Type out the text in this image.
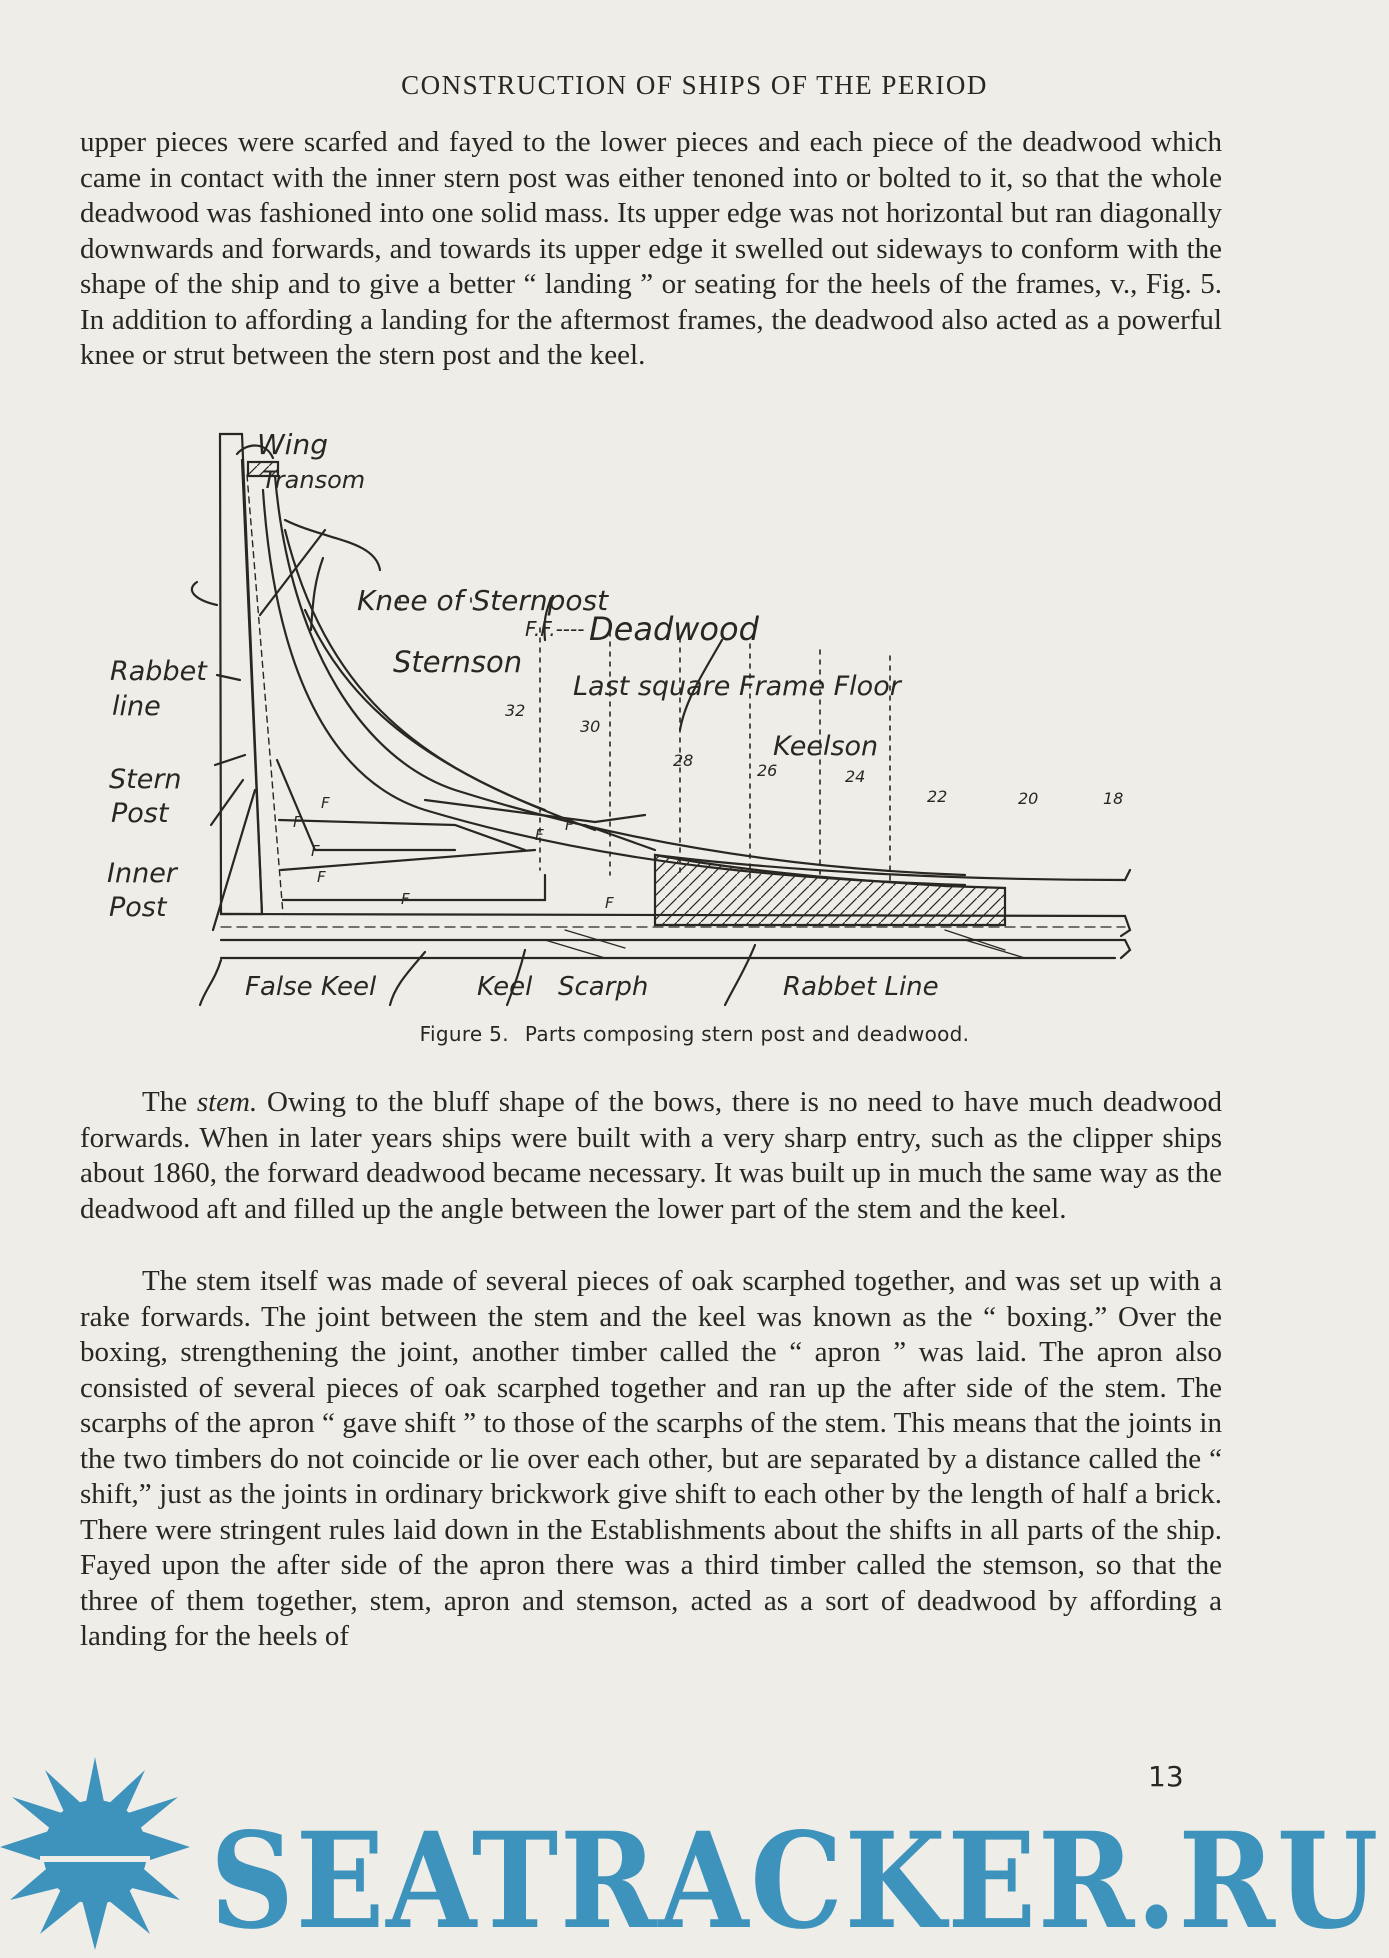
CONSTRUCTION OF SHIPS OF THE PERIOD

upper pieces were scarfed and fayed to the lower pieces and each piece of the deadwood which came in contact with the inner stern post was either tenoned into or bolted to it, so that the whole deadwood was fashioned into one solid mass. Its upper edge was not horizontal but ran diagonally downwards and forwards, and towards its upper edge it swelled out sideways to conform with the shape of the ship and to give a better “ landing ” or seating for the heels of the frames, v., Fig. 5. In addition to affording a landing for the aftermost frames, the deadwood also acted as a powerful knee or strut between the stern post and the keel.

Wing
Transom
Knee of Sternpost
F.F.---- Deadwood
Sternson
Rabbet
line
Last square Frame Floor
Keelson
Stern
Post
Inner
Post
False Keel	Keel Scarph	Rabbet Line
32
30
28
26	24
22	20	18
F
F
F
F
F
F
F
F
Figure 5. Parts composing stern post and deadwood.

The stem. Owing to the bluff shape of the bows, there is no need to have much deadwood forwards. When in later years ships were built with a very sharp entry, such as the clipper ships about 1860, the forward deadwood became necessary. It was built up in much the same way as the deadwood aft and filled up the angle between the lower part of the stem and the keel.

The stem itself was made of several pieces of oak scarphed together, and was set up with a rake forwards. The joint between the stem and the keel was known as the “ boxing.” Over the boxing, strengthening the joint, another timber called the “ apron ” was laid. The apron also consisted of several pieces of oak scarphed together and ran up the after side of the stem. The scarphs of the apron “ gave shift ” to those of the scarphs of the stem. This means that the joints in the two timbers do not coincide or lie over each other, but are separated by a distance called the “ shift,” just as the joints in ordinary brickwork give shift to each other by the length of half a brick. There were stringent rules laid down in the Establishments about the shifts in all parts of the ship. Fayed upon the after side of the apron there was a third timber called the stemson, so that the three of them together, stem, apron and stemson, acted as a sort of deadwood by affording a landing for the heels of

13
SEATRACKER.RU
